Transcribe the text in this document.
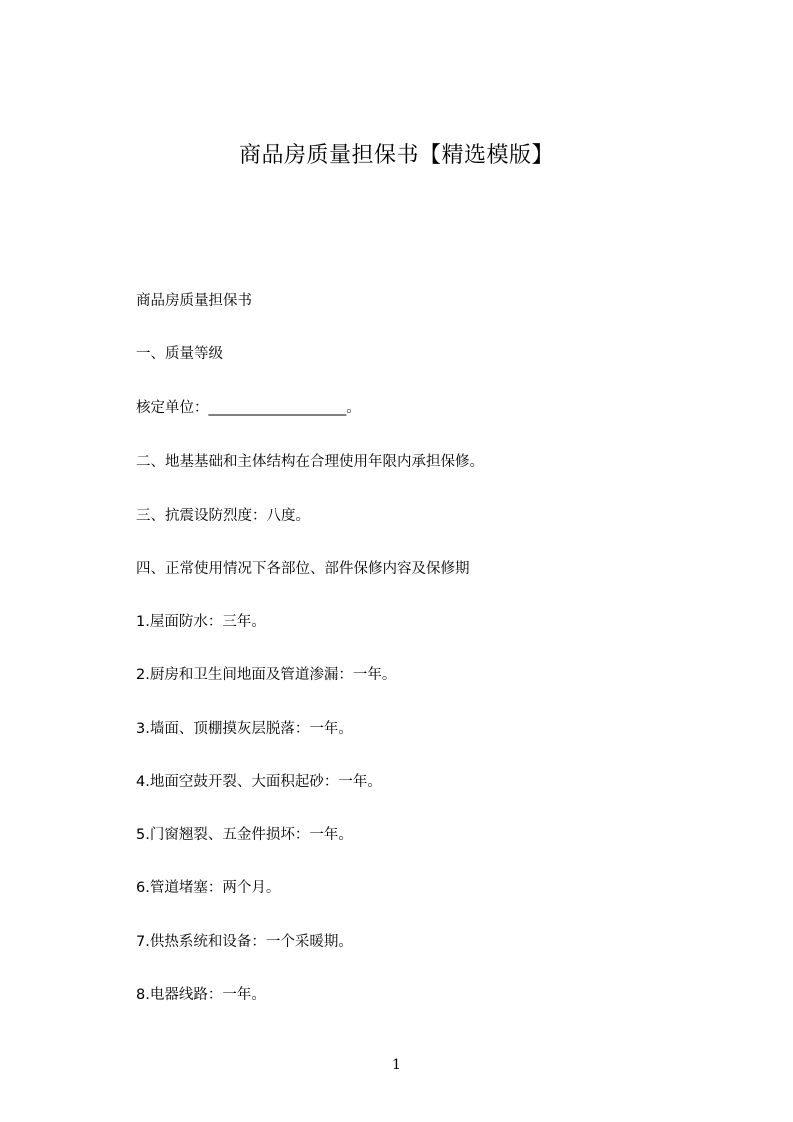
商品房质量担保书【精选模版】
商品房质量担保书
一、质量等级
核定单位：___________________。
二、地基基础和主体结构在合理使用年限内承担保修。
三、抗震设防烈度：八度。
四、正常使用情况下各部位、部件保修内容及保修期
1.屋面防水：三年。
2.厨房和卫生间地面及管道渗漏：一年。
3.墙面、顶棚摸灰层脱落：一年。
4.地面空鼓开裂、大面积起砂：一年。
5.门窗翘裂、五金件损坏：一年。
6.管道堵塞：两个月。
7.供热系统和设备：一个采暖期。
8.电器线路：一年。
1
